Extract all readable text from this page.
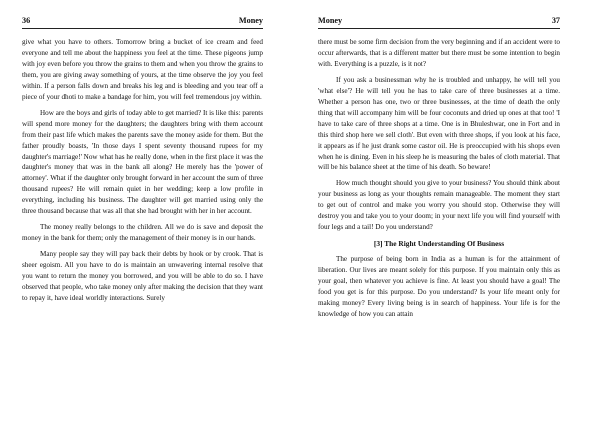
36	Money

give what you have to others. Tomorrow bring a bucket of ice cream and feed everyone and tell me about the happiness you feel at the time. These pigeons jump with joy even before you throw the grains to them and when you throw the grains to them, you are giving away something of yours, at the time observe the joy you feel within. If a person falls down and breaks his leg and is bleeding and you tear off a piece of your dhoti to make a bandage for him, you will feel tremendous joy within.

How are the boys and girls of today able to get married? It is like this: parents will spend more money for the daughters; the daughters bring with them account from their past life which makes the parents save the money aside for them. But the father proudly boasts, 'In those days I spent seventy thousand rupees for my daughter's marriage!' Now what has he really done, when in the first place it was the daughter's money that was in the bank all along? He merely has the 'power of attorney'. What if the daughter only brought forward in her account the sum of three thousand rupees? He will remain quiet in her wedding; keep a low profile in everything, including his business. The daughter will get married using only the three thousand because that was all that she had brought with her in her account.

The money really belongs to the children. All we do is save and deposit the money in the bank for them; only the management of their money is in our hands.

Many people say they will pay back their debts by hook or by crook. That is sheer egoism. All you have to do is maintain an unwavering internal resolve that you want to return the money you borrowed, and you will be able to do so. I have observed that people, who take money only after making the decision that they want to repay it, have ideal worldly interactions. Surely

Money	37

there must be some firm decision from the very beginning and if an accident were to occur afterwards, that is a different matter but there must be some intention to begin with. Everything is a puzzle, is it not?

If you ask a businessman why he is troubled and unhappy, he will tell you 'what else'? He will tell you he has to take care of three businesses at a time. Whether a person has one, two or three businesses, at the time of death the only thing that will accompany him will be four coconuts and dried up ones at that too! 'I have to take care of three shops at a time. One is in Bhuleshwar, one in Fort and in this third shop here we sell cloth'. But even with three shops, if you look at his face, it appears as if he just drank some castor oil. He is preoccupied with his shops even when he is dining. Even in his sleep he is measuring the bales of cloth material. That will be his balance sheet at the time of his death. So beware!

How much thought should you give to your business? You should think about your business as long as your thoughts remain manageable. The moment they start to get out of control and make you worry you should stop. Otherwise they will destroy you and take you to your doom; in your next life you will find yourself with four legs and a tail! Do you understand?

[3] The Right Understanding Of Business

The purpose of being born in India as a human is for the attainment of liberation. Our lives are meant solely for this purpose. If you maintain only this as your goal, then whatever you achieve is fine. At least you should have a goal! The food you get is for this purpose. Do you understand? Is your life meant only for making money? Every living being is in search of happiness. Your life is for the knowledge of how you can attain
